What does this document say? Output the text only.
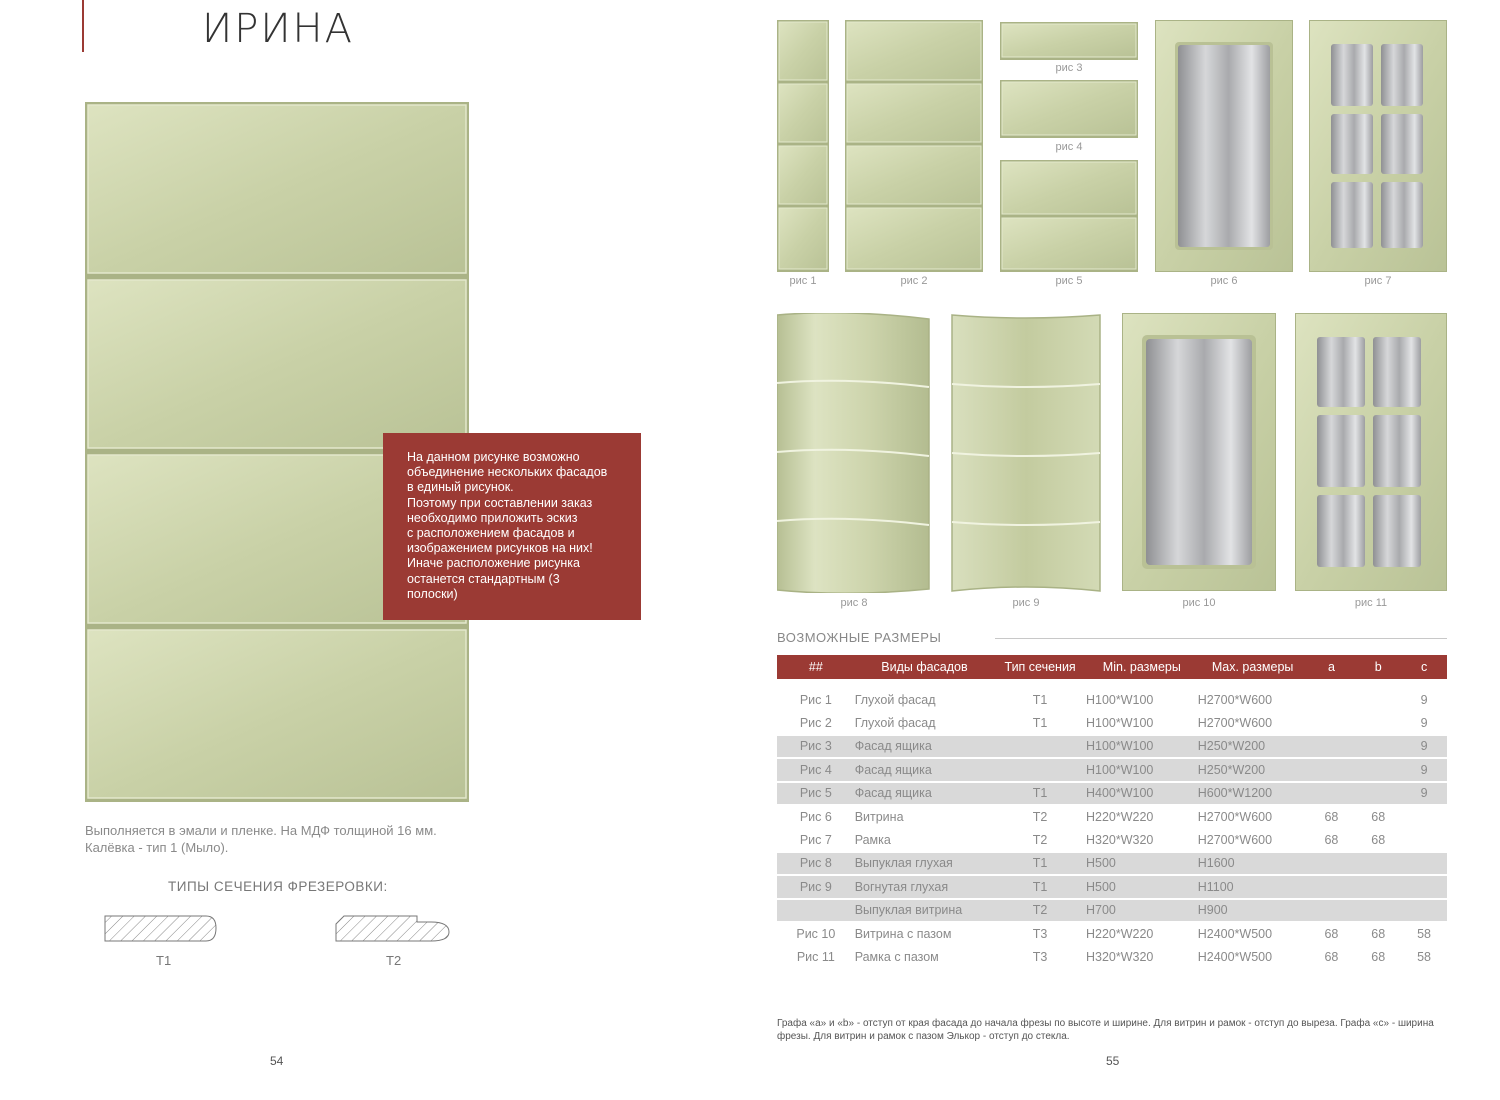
ИРИНА
На данном рисунке возможно
объединение нескольких фасадов
в единый рисунок.
Поэтому при составлении заказ
необходимо приложить эскиз
с расположением фасадов и
изображением рисунков на них!
Иначе расположение рисунка
останется стандартным (3
полоски)
Выполняется в эмали и пленке. На МДФ толщиной 16 мм.
Калёвка - тип 1 (Мыло).
ТИПЫ СЕЧЕНИЯ ФРЕЗЕРОВКИ:
T1	T2
54
рис 1	рис 2
рис 3
рис 4
рис 5	рис 6	рис 7
рис 8	рис 9	рис 10	рис 11
ВОЗМОЖНЫЕ РАЗМЕРЫ
##	Виды фасадов	Тип сечения	Min. размеры	Max. размеры	a	b	c

Рис 1	Глухой фасад	T1	H100*W100	H2700*W600			9
Рис 2	Глухой фасад	T1	H100*W100	H2700*W600			9
Рис 3	Фасад ящика		H100*W100	H250*W200			9
Рис 4	Фасад ящика		H100*W100	H250*W200			9
Рис 5	Фасад ящика	T1	H400*W100	H600*W1200			9
Рис 6	Витрина	T2	H220*W220	H2700*W600	68	68	
Рис 7	Рамка	T2	H320*W320	H2700*W600	68	68	
Рис 8	Выпуклая глухая	T1	H500	H1600			
Рис 9	Вогнутая глухая	T1	H500	H1100			
	Выпуклая витрина	T2	H700	H900			
Рис 10	Витрина с пазом	T3	H220*W220	H2400*W500	68	68	58
Рис 11	Рамка с пазом	T3	H320*W320	H2400*W500	68	68	58
Графа «a» и «b» - отступ от края фасада до начала фрезы по высоте и ширине. Для витрин и рамок - отступ до выреза. Графа «c» - ширина
фрезы. Для витрин и рамок с пазом Элькор - отступ до стекла.
55
